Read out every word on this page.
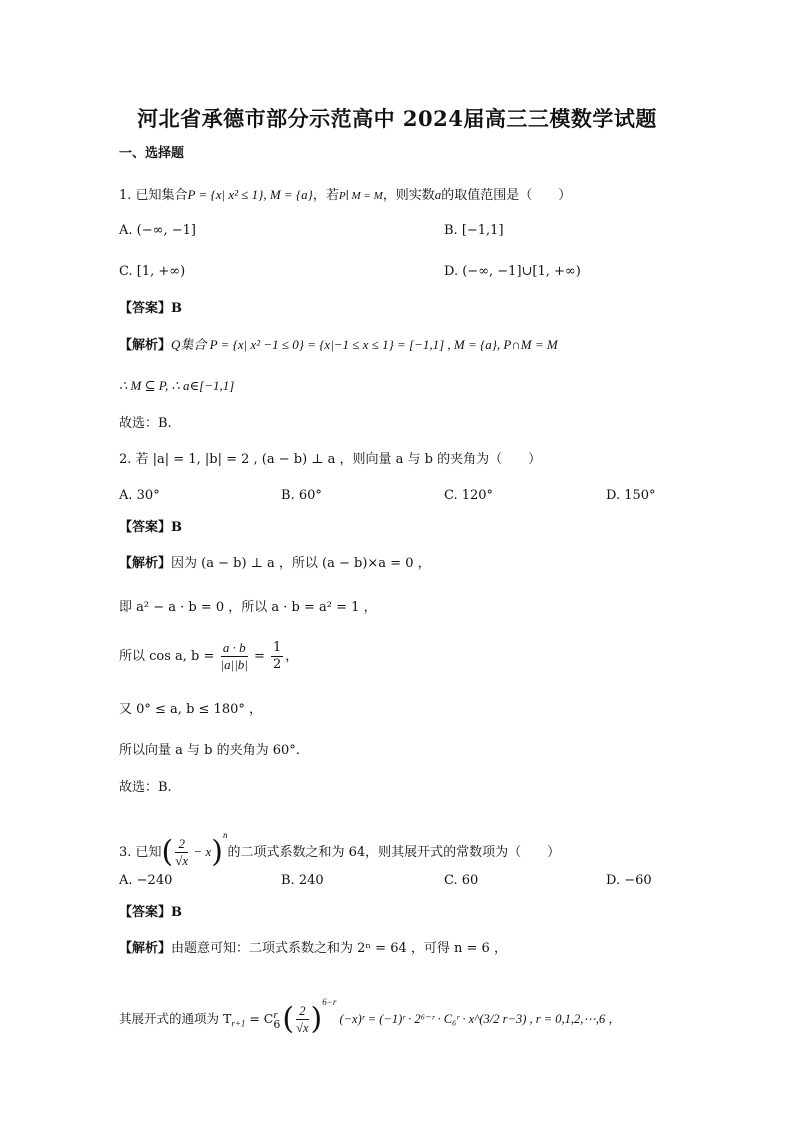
河北省承德市部分示范高中 2024届高三三模数学试题
一、选择题
1. 已知集合P = {x| x² ≤ 1}, M = {a}，若P∣ M = M，则实数a的取值范围是（　　）
A. (−∞, −1]	B. [−1,1]
C. [1, +∞)	D. (−∞, −1]∪[1, +∞)
【答案】B
【解析】Q集合 P = {x| x² −1 ≤ 0} = {x|−1 ≤ x ≤ 1} = [−1,1] , M = {a}, P∩M = M
∴ M ⊆ P, ∴ a∈[−1,1]
故选：B.
2. 若 |a| = 1, |b| = 2 , (a − b) ⊥ a ，则向量 a 与 b 的夹角为（　　）
A. 30°	B. 60°	C. 120°	D. 150°
【答案】B
【解析】因为 (a − b) ⊥ a ，所以 (a − b)×a = 0 ，
即 a² − a · b = 0 ，所以 a · b = a² = 1 ，
所以 cos a, $b = \frac{a \cdot b}{|a||b|} = \frac{1}{2}$ ，
又 0° ≤ a, b ≤ 180° ，
所以向量 a 与 b 的夹角为 60°.
故选：B.
3. 已知( $\frac{2}{√x} - x)^n$的二项式系数之和为 64，则其展开式的常数项为（　　）
A. −240	B. 240	C. 60	D. −60
【答案】B
【解析】由题意可知：二项式系数之和为 2ⁿ = 64 ，可得 n = 6 ，
其展开式的通项为 $T_{r+1} = C$ r
6 ( $\frac{2}{√x} )^{6-r}$ (−x)ʳ = (−1)ʳ · 2⁶⁻ʳ · C₆ʳ · x^(3/2 r−3) , r = 0,1,2,⋯,6 ，
